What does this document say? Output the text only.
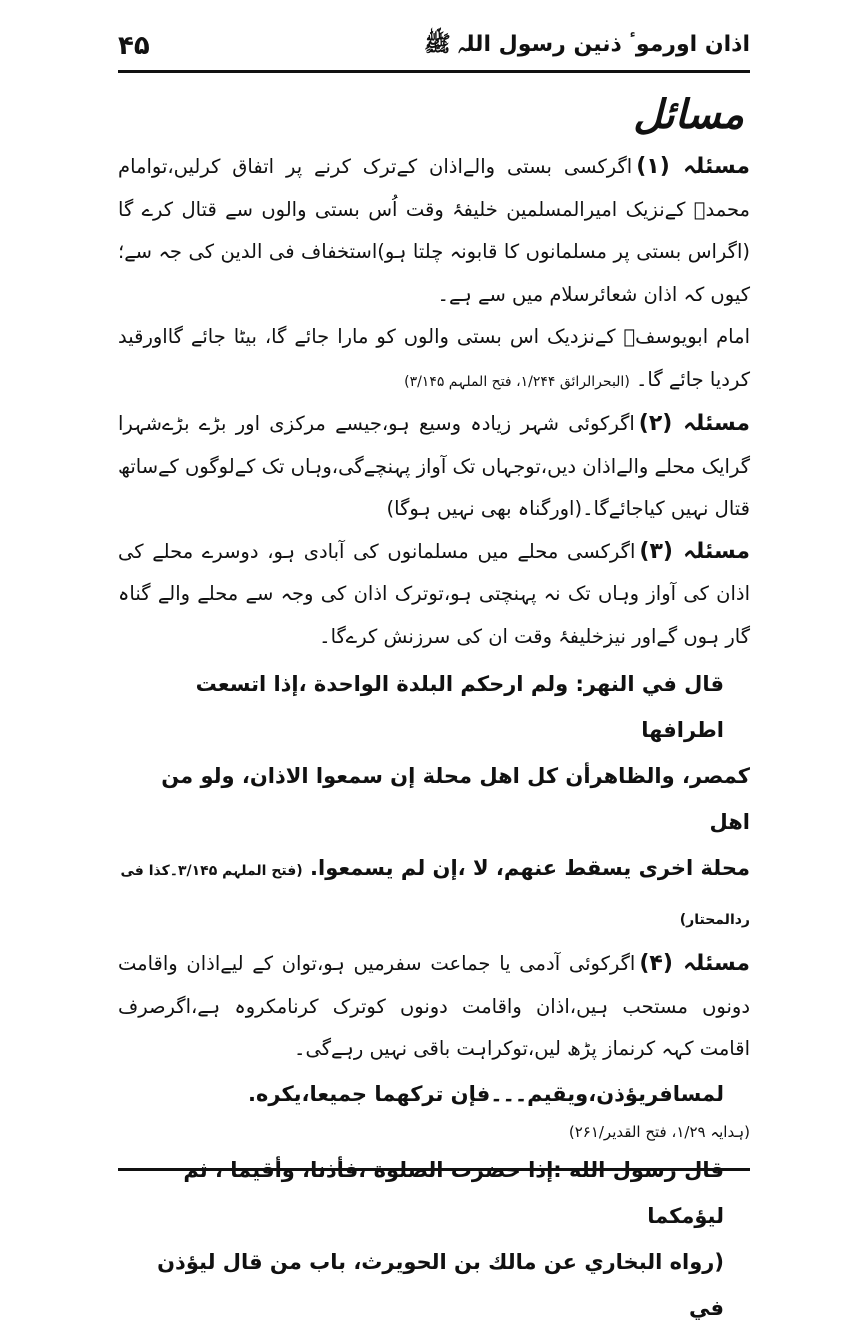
۴۵	اذان اورموٴ ذنین رسول اللہ ﷺ

مسائل

مسئلہ (۱)اگرکسی بستی والےاذان کےترک کرنے پر اتفاق کرلیں،توامام محمدؒ کےنزیک امیرالمسلمین خلیفۂ وقت اُس بستی والوں سے قتال کرے گا (اگراس بستی پر مسلمانوں کا قابونہ چلتا ہو)استخفاف فی الدین کی جہ سے؛ کیوں کہ اذان شعائرسلام میں سے ہے۔

امام ابویوسفؒ کےنزدیک اس بستی والوں کو مارا جائے گا، بیٹا جائے گااورقید کردیا جائے گا۔ (البحرالرائق ۱/۲۴۴، فتح الملہم ۳/۱۴۵)

مسئلہ (۲)اگرکوئی شہر زیادہ وسیع ہو،جیسے مرکزی اور بڑے بڑےشہرا گرایک محلے والےاذان دیں،توجہاں تک آواز پہنچےگی،وہاں تک کےلوگوں کےساتھ قتال نہیں کیاجائےگا۔(اورگناہ بھی نہیں ہوگا)

مسئلہ (۳)اگرکسی محلے میں مسلمانوں کی آبادی ہو، دوسرے محلے کی اذان کی آواز وہاں تک نہ پہنچتی ہو،توترک اذان کی وجہ سے محلے والے گناہ گار ہوں گےاور نیزخلیفۂ وقت ان کی سرزنش کرےگا۔

قال في النهر: ولم ارحكم البلدة الواحدة ،إذا اتسعت اطرافها

كمصر، والظاهرأن كل اهل محلة إن سمعوا الاذان، ولو من اهل

محلة اخرى يسقط عنهم، لا ،إن لم يسمعوا. (فتح الملہم ۳/۱۴۵۔کذا فی ردالمحتار)

مسئلہ (۴)اگرکوئی آدمی یا جماعت سفرمیں ہو،توان کے لیےاذان واقامت دونوں مستحب ہیں،اذان واقامت دونوں کوترک کرنامکروہ ہے،اگرصرف اقامت کہہ کرنماز پڑھ لیں،توکراہت باقی نہیں رہےگی۔

لمسافريؤذن،ويقيم۔۔۔فإن تركهما جميعا،يكره.

(ہدایہ ۱/۲۹، فتح القدیر/۲۶۱)

قال رسول الله :إذا حضرت الصلوة ،فأذنا، وأقيما ، ثم ليؤمكما

(رواه البخاري عن مالك بن الحويرث، باب من قال ليؤذن في
